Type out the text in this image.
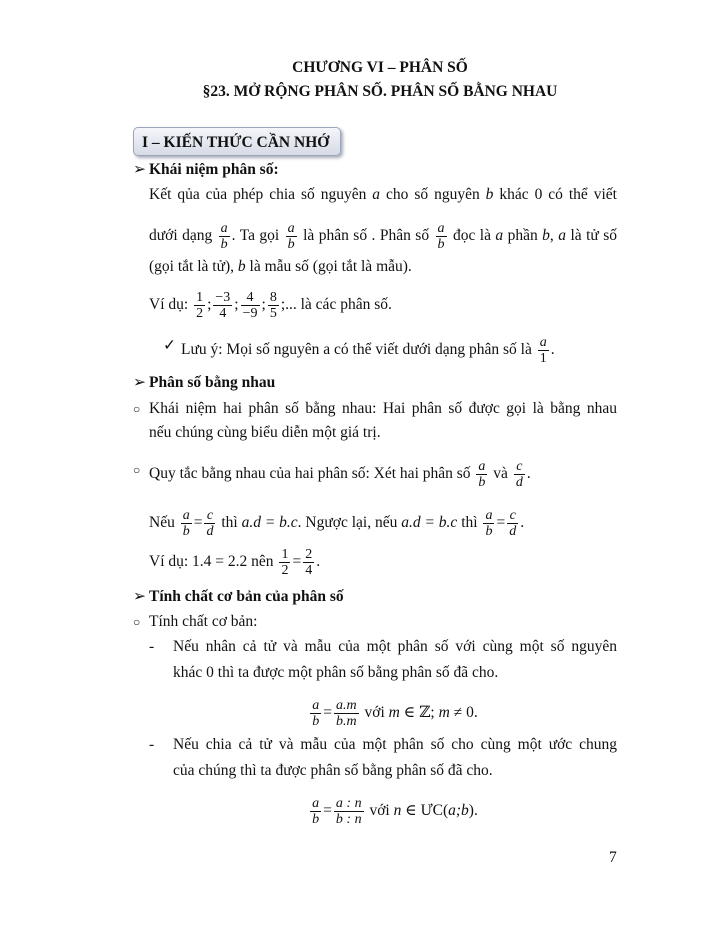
CHƯƠNG VI – PHÂN SỐ
§23. MỞ RỘNG PHÂN SỐ. PHÂN SỐ BẰNG NHAU
I – KIẾN THỨC CẦN NHỚ
Khái niệm phân số:
➢
Kết qủa của phép chia số nguyên a cho số nguyên b khác 0 có thể viết
dưới dạng $\frac{a}{b}$ . Ta gọi $\frac{a}{b}$ là phân số . Phân số $\frac{a}{b}$ đọc là a phần b, a là tử số
(gọi tắt là tử), b là mẫu số (gọi tắt là mẫu).
Ví dụ: $\frac{1}{2}$ ; $\frac{-3}{4}$ ; $\frac{4}{-9}$ ; $\frac{8}{5}$ ;... là các phân số.
Lưu ý: Mọi số nguyên a có thể viết dưới dạng phân số là $\frac{a}{1}$ .
✓
Phân số bằng nhau
➢
Khái niệm hai phân số bằng nhau: Hai phân số được gọi là bằng nhau
○
nếu chúng cùng biểu diễn một giá trị.
Quy tắc bằng nhau của hai phân số: Xét hai phân số $\frac{a}{b}$ và $\frac{c}{d}$ .
○
Nếu $\frac{a}{b} = \frac{c}{d}$ thì a.d = b.c. Ngược lại, nếu a.d = b.c thì $\frac{a}{b} = \frac{c}{d}$ .
Ví dụ: 1.4 = 2.2 nên $\frac{1}{2} = \frac{2}{4}$ .
Tính chất cơ bản của phân số
➢
Tính chất cơ bản:
○
Nếu nhân cả tử và mẫu của một phân số với cùng một số nguyên
-
khác 0 thì ta được một phân số bằng phân số đã cho.
$\frac{a}{b} = \frac{a.m}{b.m}$ với m ∈ ℤ; m ≠ 0.
Nếu chia cả tử và mẫu của một phân số cho cùng một ước chung
-
của chúng thì ta được phân số bằng phân số đã cho.
$\frac{a}{b} = \frac{a : n}{b : n}$ với n ∈ ƯC(a;b).
7
